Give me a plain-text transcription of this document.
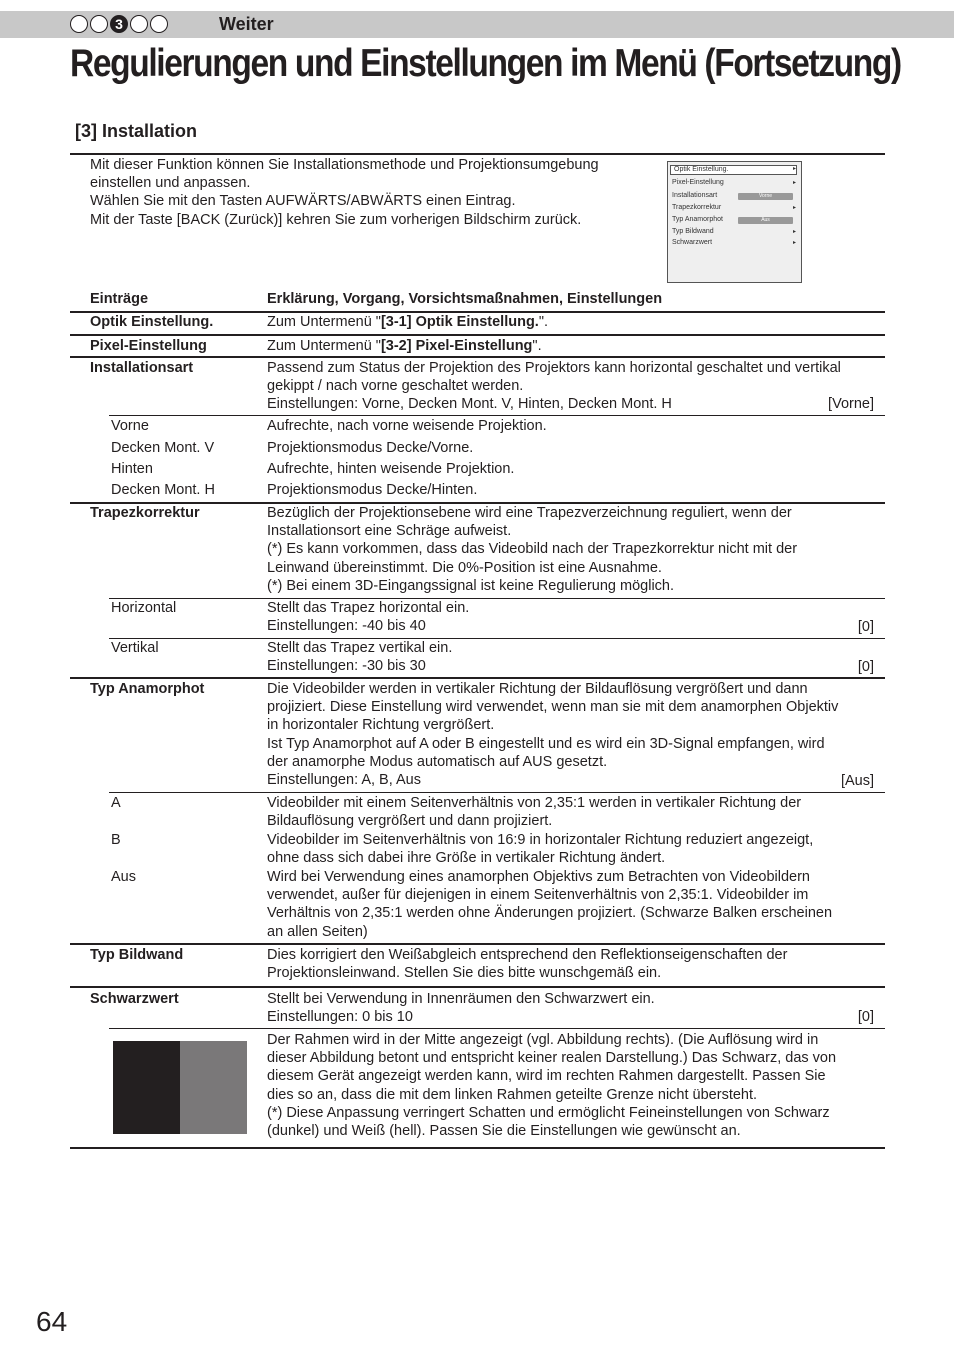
3	Weiter
Regulierungen und Einstellungen im Menü (Fortsetzung)
[3] Installation
Mit dieser Funktion können Sie Installationsmethode und Projektionsumgebung
einstellen und anpassen.
Wählen Sie mit den Tasten AUFWÄRTS/ABWÄRTS einen Eintrag.
Mit der Taste [BACK (Zurück)] kehren Sie zum vorherigen Bildschirm zurück.
Optik Einstellung.	▸
Pixel-Einstellung	▸
Installationsart	Vorne
Trapezkorrektur	▸
Typ Anamorphot	Aus
Typ Bildwand	▸
Schwarzwert	▸
Einträge	Erklärung, Vorgang, Vorsichtsmaßnahmen, Einstellungen
Optik Einstellung.	Zum Untermenü "[3-1] Optik Einstellung.".
Pixel-Einstellung	Zum Untermenü "[3-2] Pixel-Einstellung".
Installationsart	Passend zum Status der Projektion des Projektors kann horizontal geschaltet und vertikal
gekippt / nach vorne geschaltet werden.
Einstellungen: Vorne, Decken Mont. V, Hinten, Decken Mont. H	[Vorne]
Vorne	Aufrechte, nach vorne weisende Projektion.
Decken Mont. V	Projektionsmodus Decke/Vorne.
Hinten	Aufrechte, hinten weisende Projektion.
Decken Mont. H	Projektionsmodus Decke/Hinten.
Trapezkorrektur	Bezüglich der Projektionsebene wird eine Trapezverzeichnung reguliert, wenn der
Installationsort eine Schräge aufweist.
(*) Es kann vorkommen, dass das Videobild nach der Trapezkorrektur nicht mit der
Leinwand übereinstimmt. Die 0%-Position ist eine Ausnahme.
(*) Bei einem 3D-Eingangssignal ist keine Regulierung möglich.
Horizontal	Stellt das Trapez horizontal ein.
Einstellungen: -40 bis 40	[0]
Vertikal	Stellt das Trapez vertikal ein.
Einstellungen: -30 bis 30	[0]
Typ Anamorphot	Die Videobilder werden in vertikaler Richtung der Bildauflösung vergrößert und dann
projiziert. Diese Einstellung wird verwendet, wenn man sie mit dem anamorphen Objektiv
in horizontaler Richtung vergrößert.
Ist Typ Anamorphot auf A oder B eingestellt und es wird ein 3D-Signal empfangen, wird
der anamorphe Modus automatisch auf AUS gesetzt.
Einstellungen: A, B, Aus	[Aus]
A	Videobilder mit einem Seitenverhältnis von 2,35:1 werden in vertikaler Richtung der
Bildauflösung vergrößert und dann projiziert.
B	Videobilder im Seitenverhältnis von 16:9 in horizontaler Richtung reduziert angezeigt,
ohne dass sich dabei ihre Größe in vertikaler Richtung ändert.
Aus	Wird bei Verwendung eines anamorphen Objektivs zum Betrachten von Videobildern
verwendet, außer für diejenigen in einem Seitenverhältnis von 2,35:1. Videobilder im
Verhältnis von 2,35:1 werden ohne Änderungen projiziert. (Schwarze Balken erscheinen
an allen Seiten)
Typ Bildwand	Dies korrigiert den Weißabgleich entsprechend den Reflektionseigenschaften der
Projektionsleinwand. Stellen Sie dies bitte wunschgemäß ein.
Schwarzwert	Stellt bei Verwendung in Innenräumen den Schwarzwert ein.
Einstellungen: 0 bis 10	[0]
Der Rahmen wird in der Mitte angezeigt (vgl. Abbildung rechts). (Die Auflösung wird in
dieser Abbildung betont und entspricht keiner realen Darstellung.) Das Schwarz, das von
diesem Gerät angezeigt werden kann, wird im rechten Rahmen dargestellt. Passen Sie
dies so an, dass die mit dem linken Rahmen geteilte Grenze nicht übersteht.
(*) Diese Anpassung verringert Schatten und ermöglicht Feineinstellungen von Schwarz
(dunkel) und Weiß (hell). Passen Sie die Einstellungen wie gewünscht an.
64
